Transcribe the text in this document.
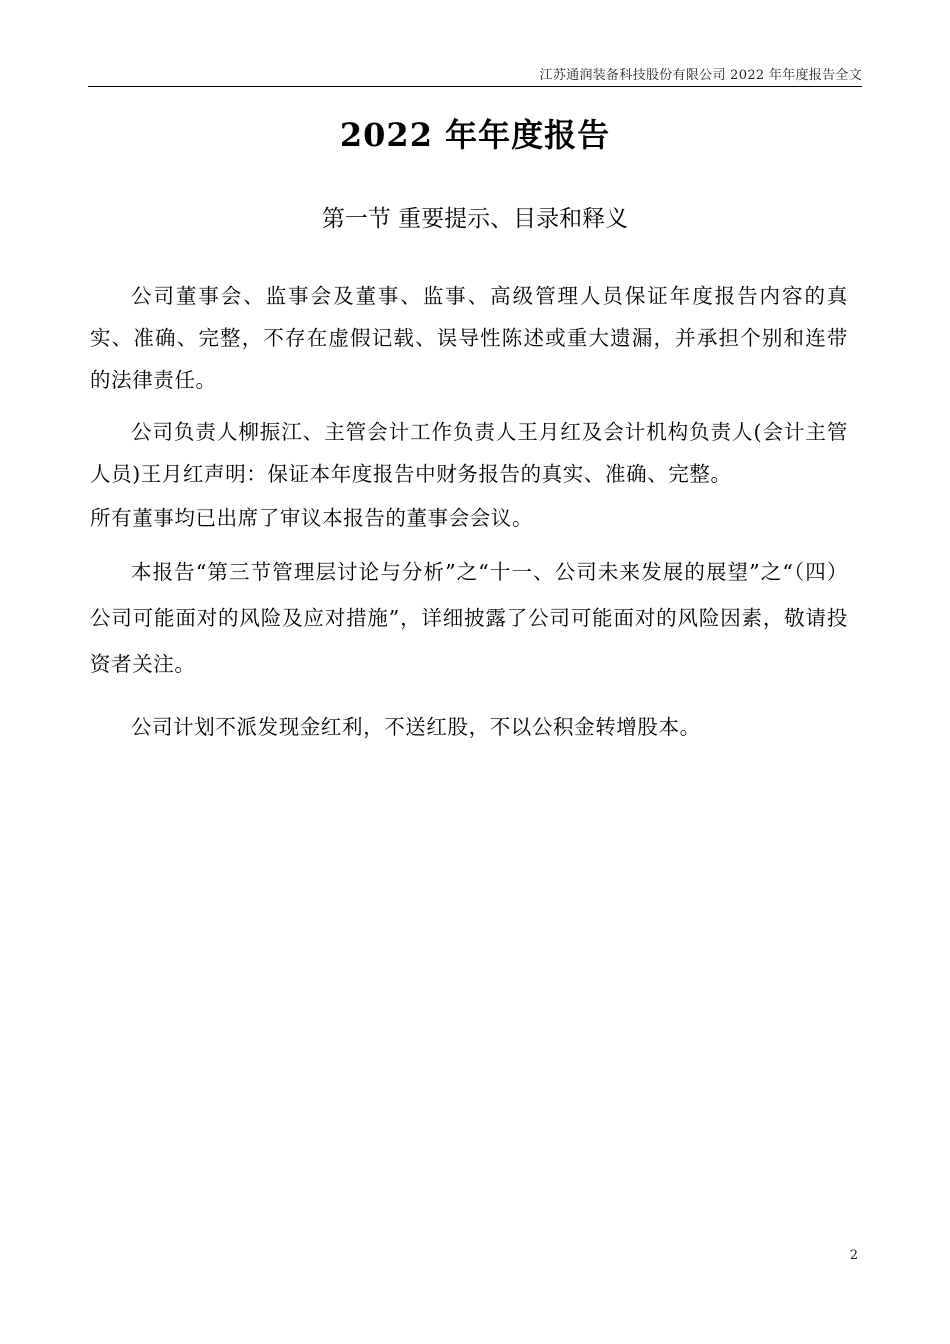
江苏通润装备科技股份有限公司 2022 年年度报告全文
2022 年年度报告
第一节 重要提示、目录和释义

公司董事会、监事会及董事、监事、高级管理人员保证年度报告内容的真实、准确、完整，不存在虚假记载、误导性陈述或重大遗漏，并承担个别和连带的法律责任。

公司负责人柳振江、主管会计工作负责人王月红及会计机构负责人(会计主管人员)王月红声明：保证本年度报告中财务报告的真实、准确、完整。

所有董事均已出席了审议本报告的董事会会议。

本报告“第三节管理层讨论与分析”之“十一、公司未来发展的展望”之“（四）公司可能面对的风险及应对措施”，详细披露了公司可能面对的风险因素，敬请投资者关注。

公司计划不派发现金红利，不送红股，不以公积金转增股本。

2
